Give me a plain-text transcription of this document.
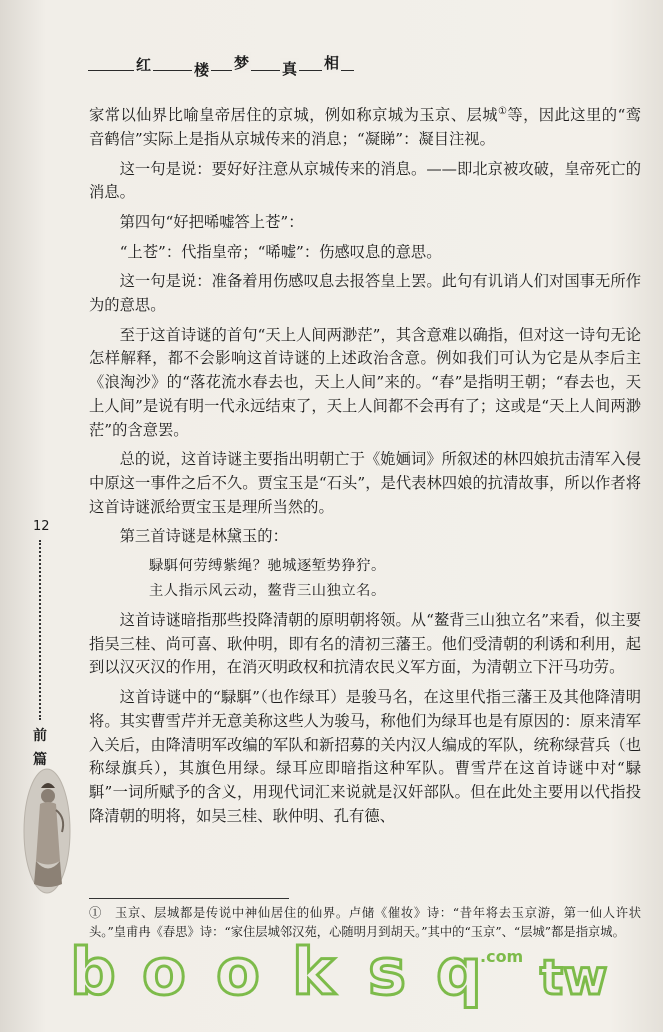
红	楼 梦 真 相

家常以仙界比喻皇帝居住的京城，例如称京城为玉京、层城①等，因此这里的“鸾音鹤信”实际上是指从京城传来的消息；“凝睇”：凝目注视。

这一句是说：要好好注意从京城传来的消息。——即北京被攻破，皇帝死亡的消息。

第四句“好把唏嘘答上苍”：

“上苍”：代指皇帝；“唏嘘”：伤感叹息的意思。

这一句是说：准备着用伤感叹息去报答皇上罢。此句有讥诮人们对国事无所作为的意思。

至于这首诗谜的首句“天上人间两渺茫”，其含意难以确指，但对这一诗句无论怎样解释，都不会影响这首诗谜的上述政治含意。例如我们可认为它是从李后主《浪淘沙》的“落花流水春去也，天上人间”来的。“春”是指明王朝；“春去也，天上人间”是说有明一代永远结束了，天上人间都不会再有了；这或是“天上人间两渺茫”的含意罢。

总的说，这首诗谜主要指出明朝亡于《姽婳词》所叙述的林四娘抗击清军入侵中原这一事件之后不久。贾宝玉是“石头”，是代表林四娘的抗清故事，所以作者将这首诗谜派给贾宝玉是理所当然的。

第三首诗谜是林黛玉的：

騄駬何劳缚紫绳？驰城逐堑势狰狞。

主人指示风云动，鳌背三山独立名。

这首诗谜暗指那些投降清朝的原明朝将领。从“鳌背三山独立名”来看，似主要指吴三桂、尚可喜、耿仲明，即有名的清初三藩王。他们受清朝的利诱和利用，起到以汉灭汉的作用，在消灭明政权和抗清农民义军方面，为清朝立下汗马功劳。

这首诗谜中的“騄駬”（也作绿耳）是骏马名，在这里代指三藩王及其他降清明将。其实曹雪芹并无意美称这些人为骏马，称他们为绿耳也是有原因的：原来清军入关后，由降清明军改编的军队和新招募的关内汉人编成的军队，统称绿营兵（也称绿旗兵），其旗色用绿。绿耳应即暗指这种军队。曹雪芹在这首诗谜中对“騄駬”一词所赋予的含义，用现代词汇来说就是汉奸部队。但在此处主要用以代指投降清朝的明将，如吴三桂、耿仲明、孔有德、

12
前
篇

①　玉京、层城都是传说中神仙居住的仙界。卢储《催妆》诗：“昔年将去玉京游，第一仙人许状头。”皇甫冉《春思》诗：“家住层城邻汉苑，心随明月到胡天。”其中的“玉京”、“层城”都是指京城。

b o o k s q
.com tw
